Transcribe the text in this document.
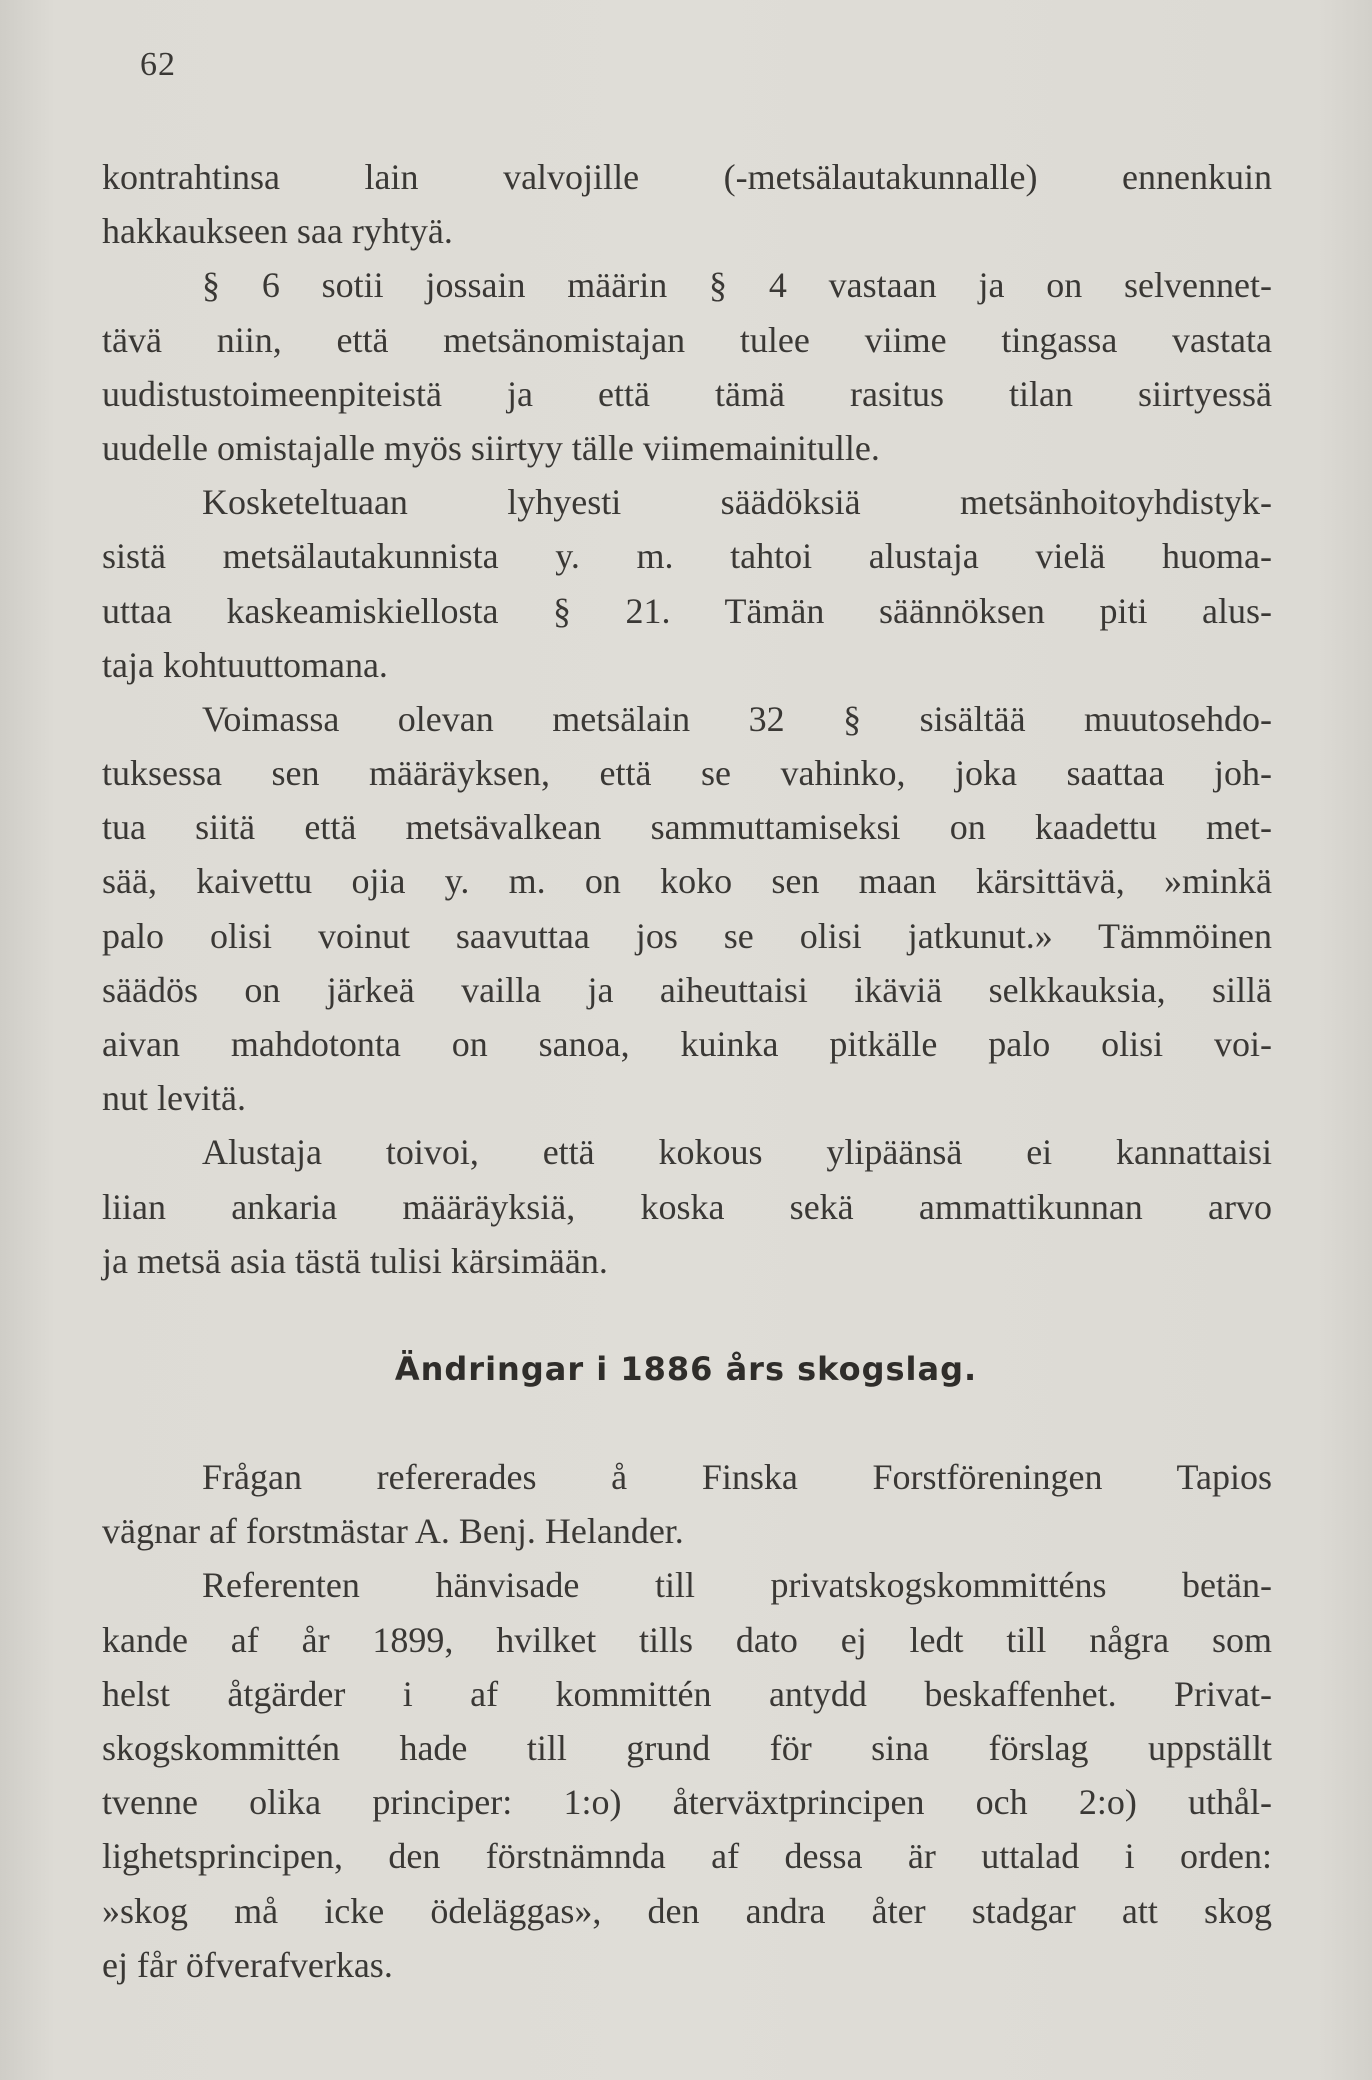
62
kontrahtinsa lain valvojille (-metsälautakunnalle) ennenkuin
hakkaukseen saa ryhtyä.
§ 6 sotii jossain määrin § 4 vastaan ja on selvennet-
tävä niin, että metsänomistajan tulee viime tingassa vastata
uudistustoimeenpiteistä ja että tämä rasitus tilan siirtyessä
uudelle omistajalle myös siirtyy tälle viimemainitulle.
Kosketeltuaan lyhyesti säädöksiä metsänhoitoyhdistyk-
sistä metsälautakunnista y. m. tahtoi alustaja vielä huoma-
uttaa kaskeamiskiellosta § 21. Tämän säännöksen piti alus-
taja kohtuuttomana.
Voimassa olevan metsälain 32 § sisältää muutosehdo-
tuksessa sen määräyksen, että se vahinko, joka saattaa joh-
tua siitä että metsävalkean sammuttamiseksi on kaadettu met-
sää, kaivettu ojia y. m. on koko sen maan kärsittävä, »minkä
palo olisi voinut saavuttaa jos se olisi jatkunut.» Tämmöinen
säädös on järkeä vailla ja aiheuttaisi ikäviä selkkauksia, sillä
aivan mahdotonta on sanoa, kuinka pitkälle palo olisi voi-
nut levitä.
Alustaja toivoi, että kokous ylipäänsä ei kannattaisi
liian ankaria määräyksiä, koska sekä ammattikunnan arvo
ja metsä asia tästä tulisi kärsimään.
Ändringar i 1886 års skogslag.
Frågan refererades å Finska Forstföreningen Tapios
vägnar af forstmästar A. Benj. Helander.
Referenten hänvisade till privatskogskommitténs betän-
kande af år 1899, hvilket tills dato ej ledt till några som
helst åtgärder i af kommittén antydd beskaffenhet. Privat-
skogskommittén hade till grund för sina förslag uppställt
tvenne olika principer: 1:o) återväxtprincipen och 2:o) uthål-
lighetsprincipen, den förstnämnda af dessa är uttalad i orden:
»skog må icke ödeläggas», den andra åter stadgar att skog
ej får öfverafverkas.
